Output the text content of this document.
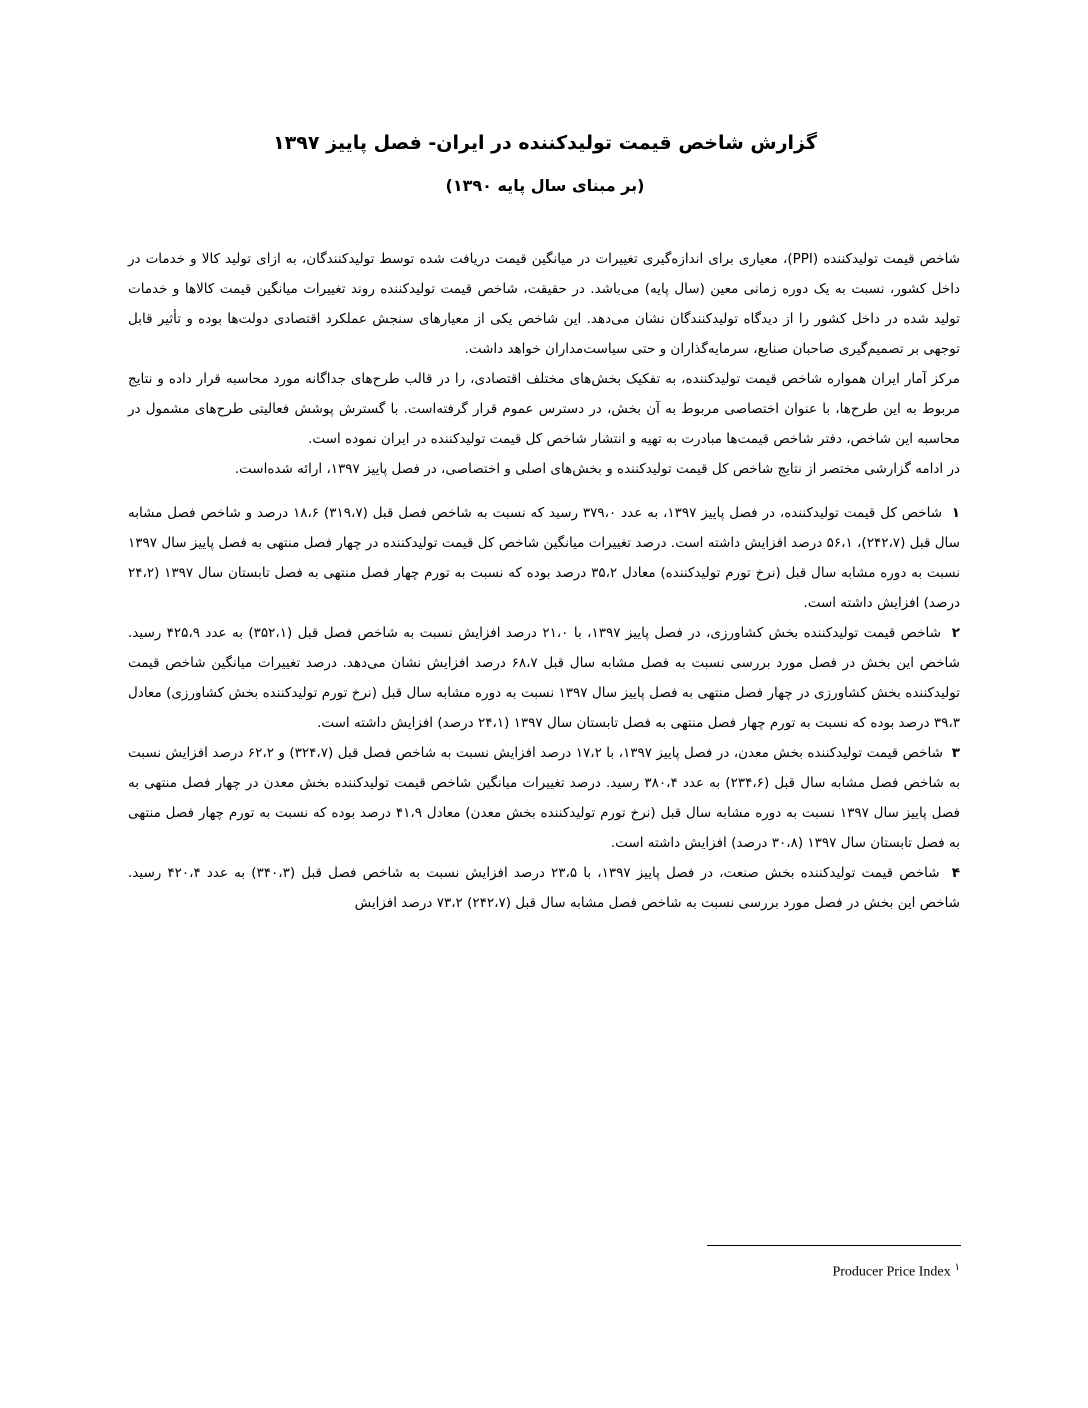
گزارش شاخص قیمت تولیدکننده در ایران- فصل پاییز ۱۳۹۷
(بر مبنای سال پایه ۱۳۹۰)

شاخص قیمت تولیدکننده (PPI)، معیاری برای اندازه‌گیری تغییرات در میانگین قیمت دریافت شده توسط تولیدکنندگان، به ازای تولید کالا و خدمات در داخل کشور، نسبت به یک دوره زمانی معین (سال پایه) می‌باشد. در حقیقت، شاخص قیمت تولیدکننده روند تغییرات میانگین قیمت کالاها و خدمات تولید شده در داخل کشور را از دیدگاه تولیدکنندگان نشان می‌دهد. این شاخص یکی از معیارهای سنجش عملکرد اقتصادی دولت‌ها بوده و تأثیر قابل توجهی بر تصمیم‌گیری صاحبان صنایع، سرمایه‌گذاران و حتی سیاست‌مداران خواهد داشت.

مرکز آمار ایران همواره شاخص قیمت تولیدکننده، به تفکیک بخش‌های مختلف اقتصادی، را در قالب طرح‌های جداگانه مورد محاسبه قرار داده و نتایج مربوط به این طرح‌ها، با عنوان اختصاصی مربوط به آن بخش، در دسترس عموم قرار گرفته‌است. با گسترش پوشش فعالیتی طرح‌های مشمول در محاسبه این شاخص، دفتر شاخص قیمت‌ها مبادرت به تهیه و انتشار شاخص کل قیمت تولیدکننده در ایران نموده است.

در ادامه گزارشی مختصر از نتایج شاخص کل قیمت تولیدکننده و بخش‌های اصلی و اختصاصی، در فصل پاییز ۱۳۹۷، ارائه شده‌است.

۱  شاخص کل قیمت تولیدکننده، در فصل پاییز ۱۳۹۷، به عدد ۳۷۹،۰ رسید که نسبت به شاخص فصل قبل (۳۱۹،۷) ۱۸،۶ درصد و شاخص فصل مشابه سال قبل (۲۴۲،۷)، ۵۶،۱ درصد افزایش داشته است. درصد تغییرات میانگین شاخص کل قیمت تولیدکننده در چهار فصل منتهی به فصل پاییز سال ۱۳۹۷ نسبت به دوره مشابه سال قبل (نرخ تورم تولیدکننده) معادل ۳۵،۲ درصد بوده که نسبت به تورم چهار فصل منتهی به فصل تابستان سال ۱۳۹۷ (۲۴،۲ درصد) افزایش داشته است.

۲  شاخص قیمت تولیدکننده بخش کشاورزی، در فصل پاییز ۱۳۹۷، با ۲۱،۰ درصد افزایش نسبت به شاخص فصل قبل (۳۵۲،۱) به عدد ۴۲۵،۹ رسید. شاخص این بخش در فصل مورد بررسی نسبت به فصل مشابه سال قبل ۶۸،۷ درصد افزایش نشان می‌دهد. درصد تغییرات میانگین شاخص قیمت تولیدکننده بخش کشاورزی در چهار فصل منتهی به فصل پاییز سال ۱۳۹۷ نسبت به دوره مشابه سال قبل (نرخ تورم تولیدکننده بخش کشاورزی) معادل ۳۹،۳ درصد بوده که نسبت به تورم چهار فصل منتهی به فصل تابستان سال ۱۳۹۷ (۲۴،۱ درصد) افزایش داشته است.

۳  شاخص قیمت تولیدکننده بخش معدن، در فصل پاییز ۱۳۹۷، با ۱۷،۲ درصد افزایش نسبت به شاخص فصل قبل (۳۲۴،۷) و ۶۲،۲ درصد افزایش نسبت به شاخص فصل مشابه سال قبل (۲۳۴،۶) به عدد ۳۸۰،۴ رسید. درصد تغییرات میانگین شاخص قیمت تولیدکننده بخش معدن در چهار فصل منتهی به فصل پاییز سال ۱۳۹۷ نسبت به دوره مشابه سال قبل (نرخ تورم تولیدکننده بخش معدن) معادل ۴۱،۹ درصد بوده که نسبت به تورم چهار فصل منتهی به فصل تابستان سال ۱۳۹۷ (۳۰،۸ درصد) افزایش داشته است.

۴  شاخص قیمت تولیدکننده بخش صنعت، در فصل پاییز ۱۳۹۷، با ۲۳،۵ درصد افزایش نسبت به شاخص فصل قبل (۳۴۰،۳) به عدد ۴۲۰،۴ رسید. شاخص این بخش در فصل مورد بررسی نسبت به شاخص فصل مشابه سال قبل (۲۴۲،۷) ۷۳،۲ درصد افزایش

Producer Price Index $^۱$
